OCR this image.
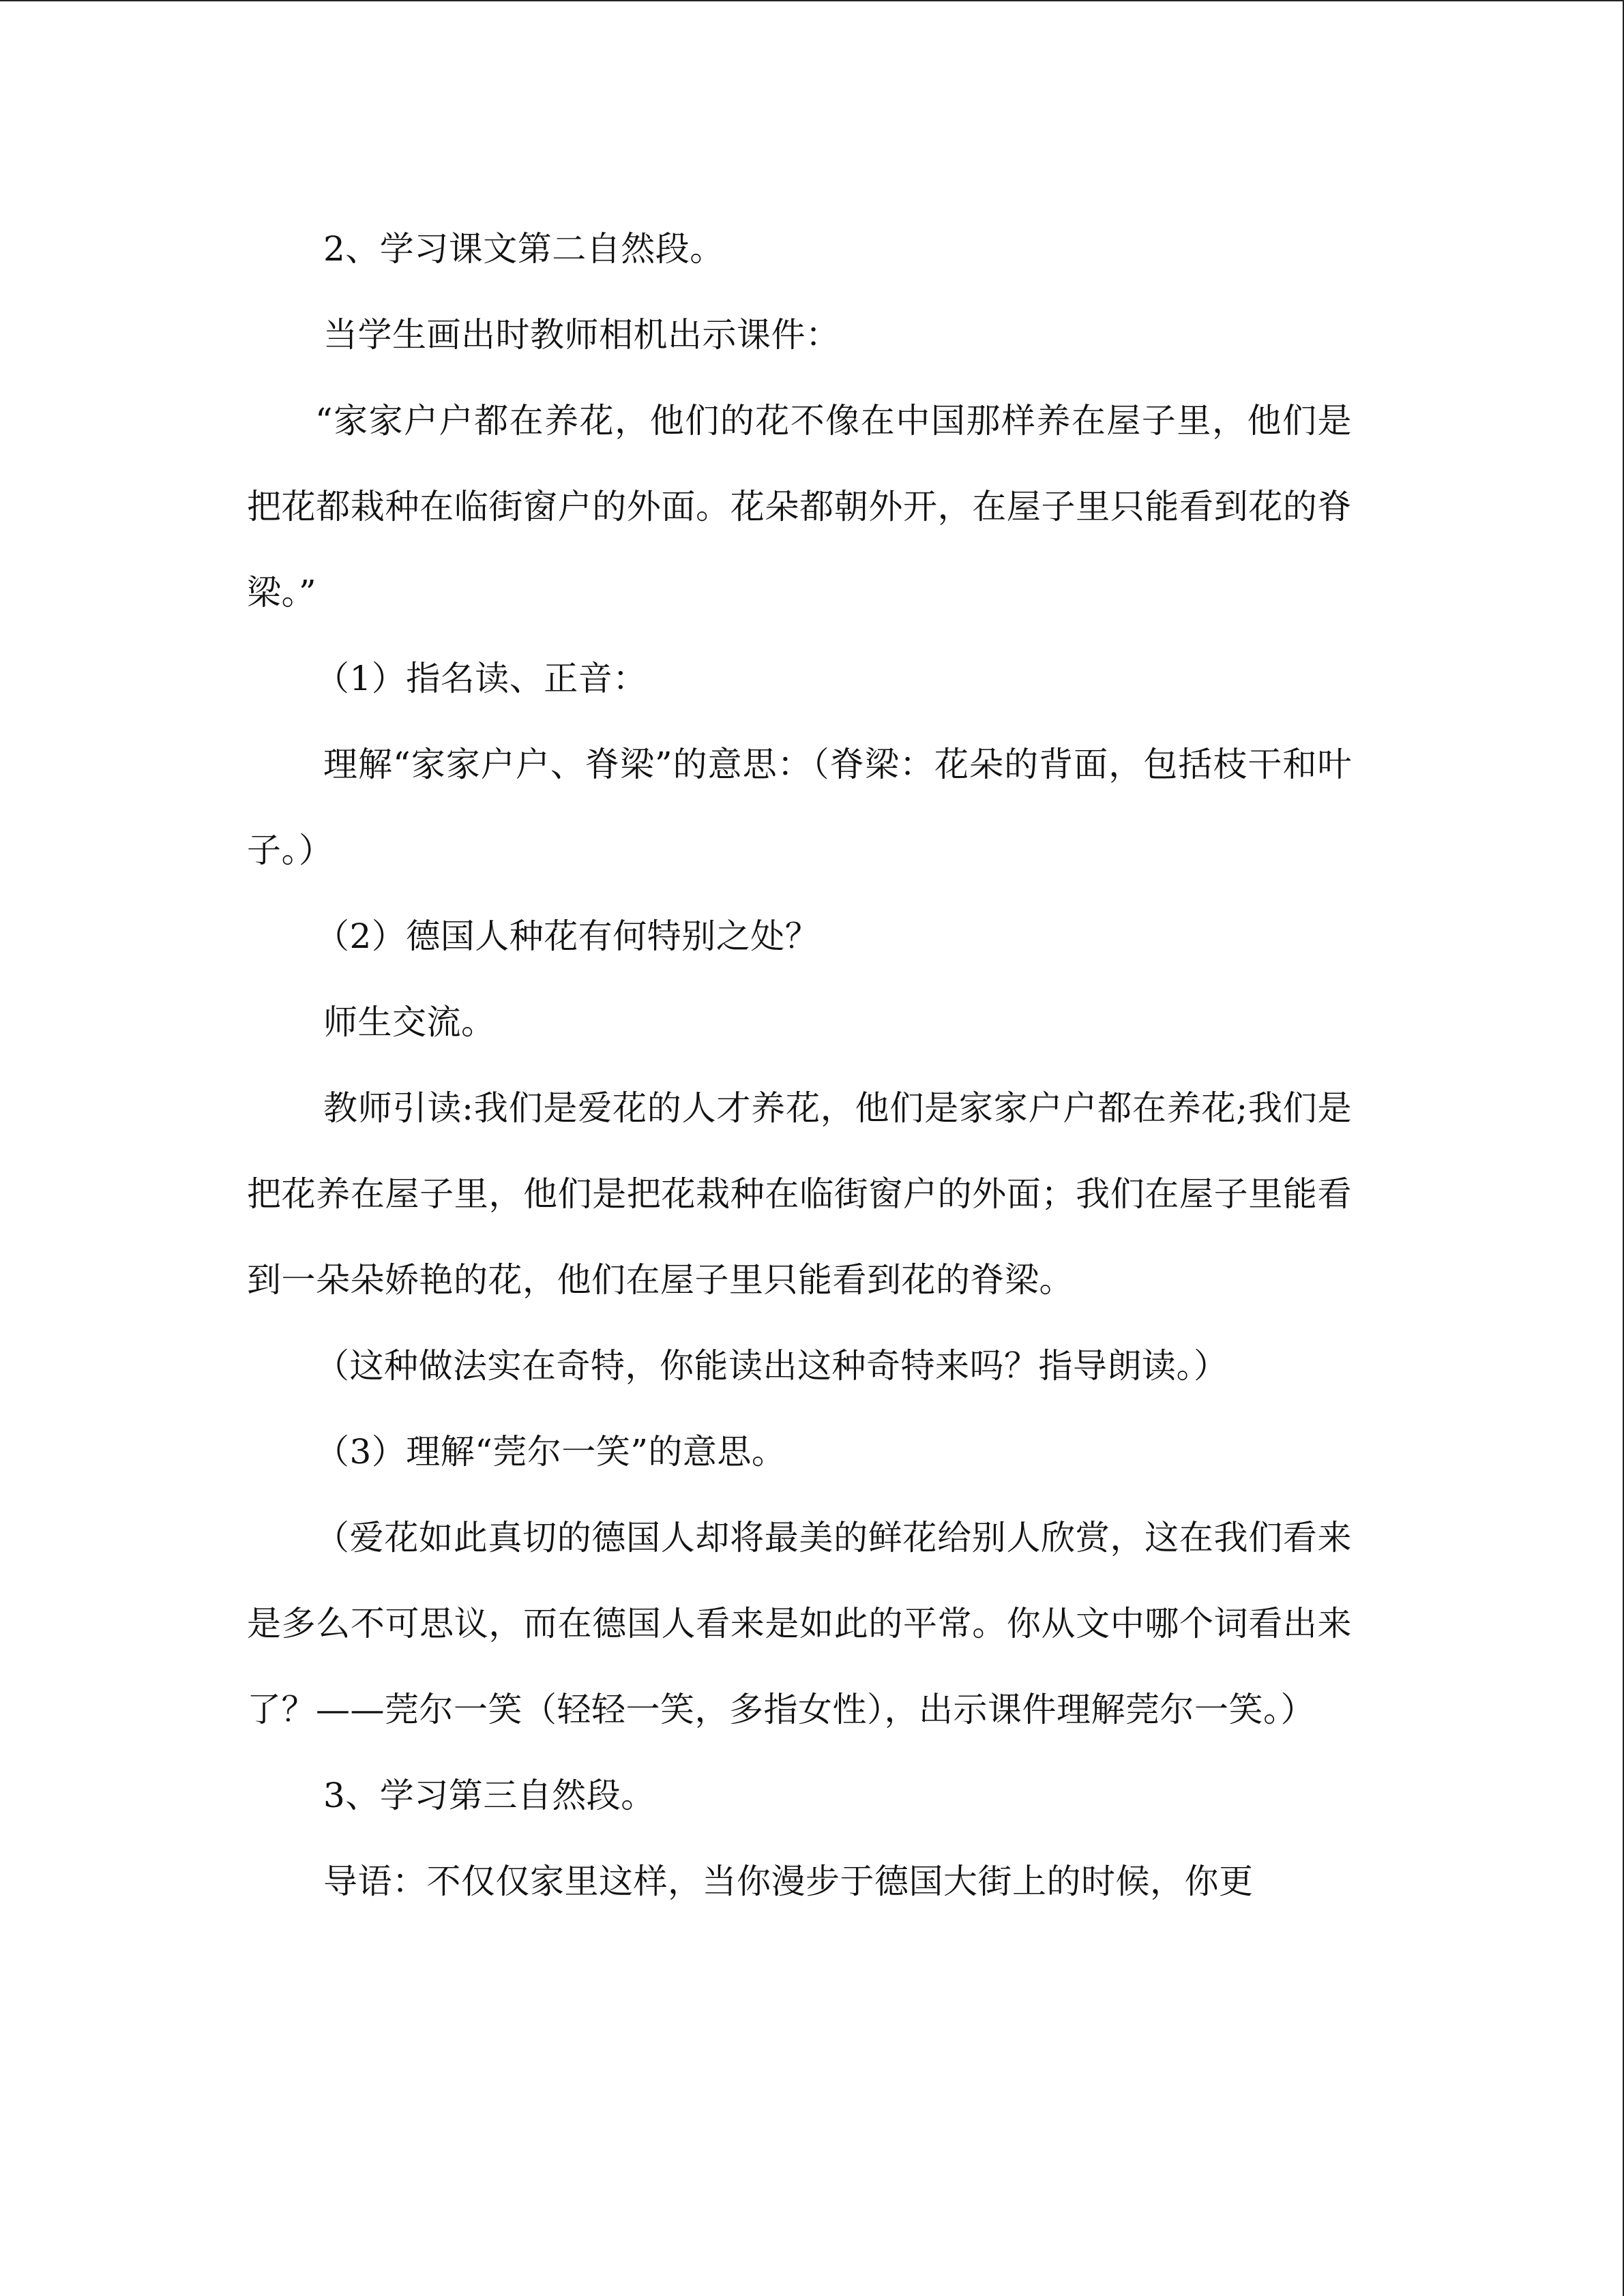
2、学习课文第二自然段。

当学生画出时教师相机出示课件：

“家家户户都在养花，他们的花不像在中国那样养在屋子里，他们是把花都栽种在临街窗户的外面。花朵都朝外开，在屋子里只能看到花的脊梁。”

（1）指名读、正音：

理解“家家户户、脊梁”的意思：（脊梁：花朵的背面，包括枝干和叶子。）

（2）德国人种花有何特别之处？

师生交流。

教师引读:我们是爱花的人才养花，他们是家家户户都在养花;我们是把花养在屋子里，他们是把花栽种在临街窗户的外面；我们在屋子里能看到一朵朵娇艳的花，他们在屋子里只能看到花的脊梁。

（这种做法实在奇特，你能读出这种奇特来吗？指导朗读。）

（3）理解“莞尔一笑”的意思。

（爱花如此真切的德国人却将最美的鲜花给别人欣赏，这在我们看来是多么不可思议，而在德国人看来是如此的平常。你从文中哪个词看出来了？——莞尔一笑（轻轻一笑，多指女性），出示课件理解莞尔一笑。）

3、学习第三自然段。

导语：不仅仅家里这样，当你漫步于德国大街上的时候，你更
